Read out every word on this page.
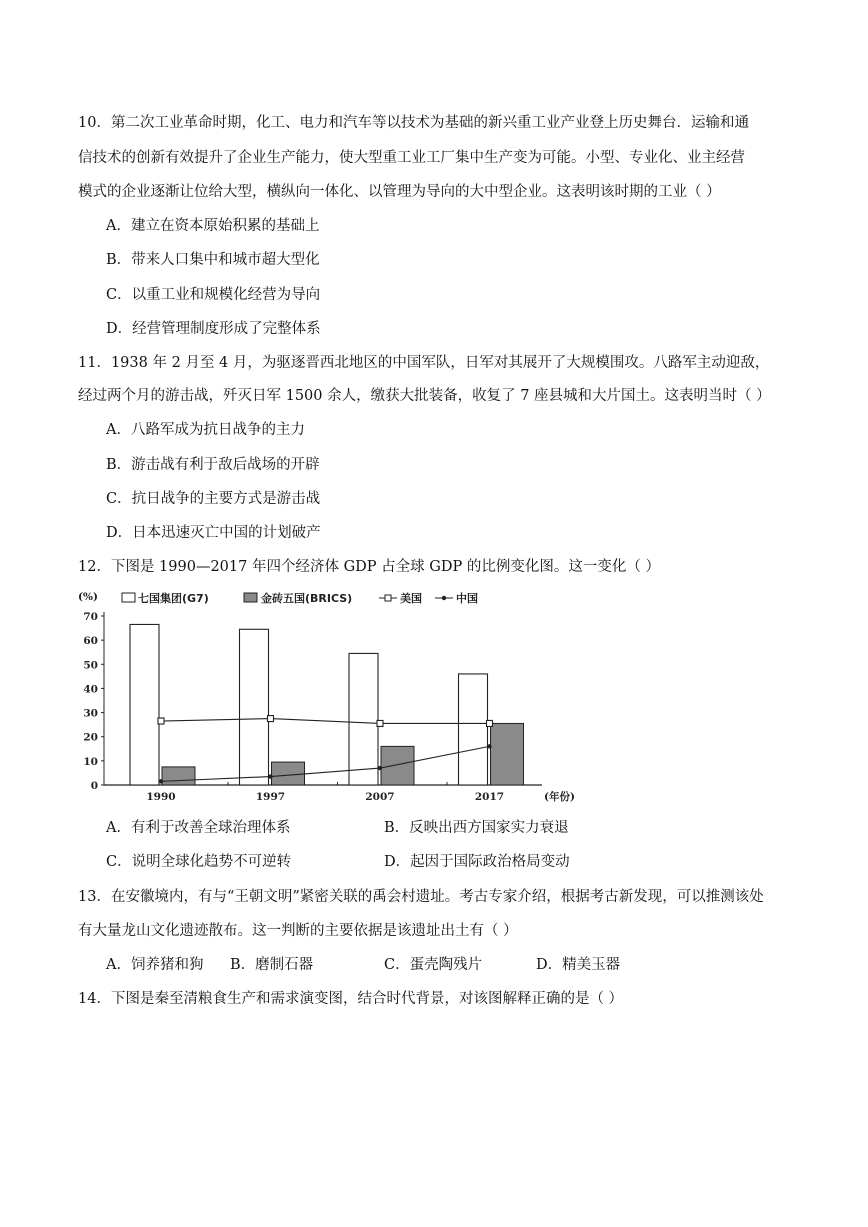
10．第二次工业革命时期，化工、电力和汽车等以技术为基础的新兴重工业产业登上历史舞台．运输和通
信技术的创新有效提升了企业生产能力，使大型重工业工厂集中生产变为可能。小型、专业化、业主经营
模式的企业逐渐让位给大型，横纵向一体化、以管理为导向的大中型企业。这表明该时期的工业（ ）
A．建立在资本原始积累的基础上
B．带来人口集中和城市超大型化
C．以重工业和规模化经营为导向
D．经营管理制度形成了完整体系
11．1938 年 2 月至 4 月，为驱逐晋西北地区的中国军队，日军对其展开了大规模围攻。八路军主动迎敌，
经过两个月的游击战，歼灭日军 1500 余人，缴获大批装备，收复了 7 座县城和大片国土。这表明当时（ ）
A．八路军成为抗日战争的主力
B．游击战有利于敌后战场的开辟
C．抗日战争的主要方式是游击战
D．日本迅速灭亡中国的计划破产
12．下图是 1990—2017 年四个经济体 GDP 占全球 GDP 的比例变化图。这一变化（ ）
(%)
0
10
20
30
40
50
60
70
1990	1997	2007	2017	(年份)
七国集团(G7)	金砖五国(BRICS)	美国	中国
A．有利于改善全球治理体系	B．反映出西方国家实力衰退
C．说明全球化趋势不可逆转	D．起因于国际政治格局变动
13．在安徽境内，有与“王朝文明”紧密关联的禹会村遗址。考古专家介绍，根据考古新发现，可以推测该处
有大量龙山文化遗迹散布。这一判断的主要依据是该遗址出土有（ ）
A．饲养猪和狗 B．磨制石器	C．蛋壳陶残片	D．精美玉器
14．下图是秦至清粮食生产和需求演变图，结合时代背景，对该图解释正确的是（ ）
